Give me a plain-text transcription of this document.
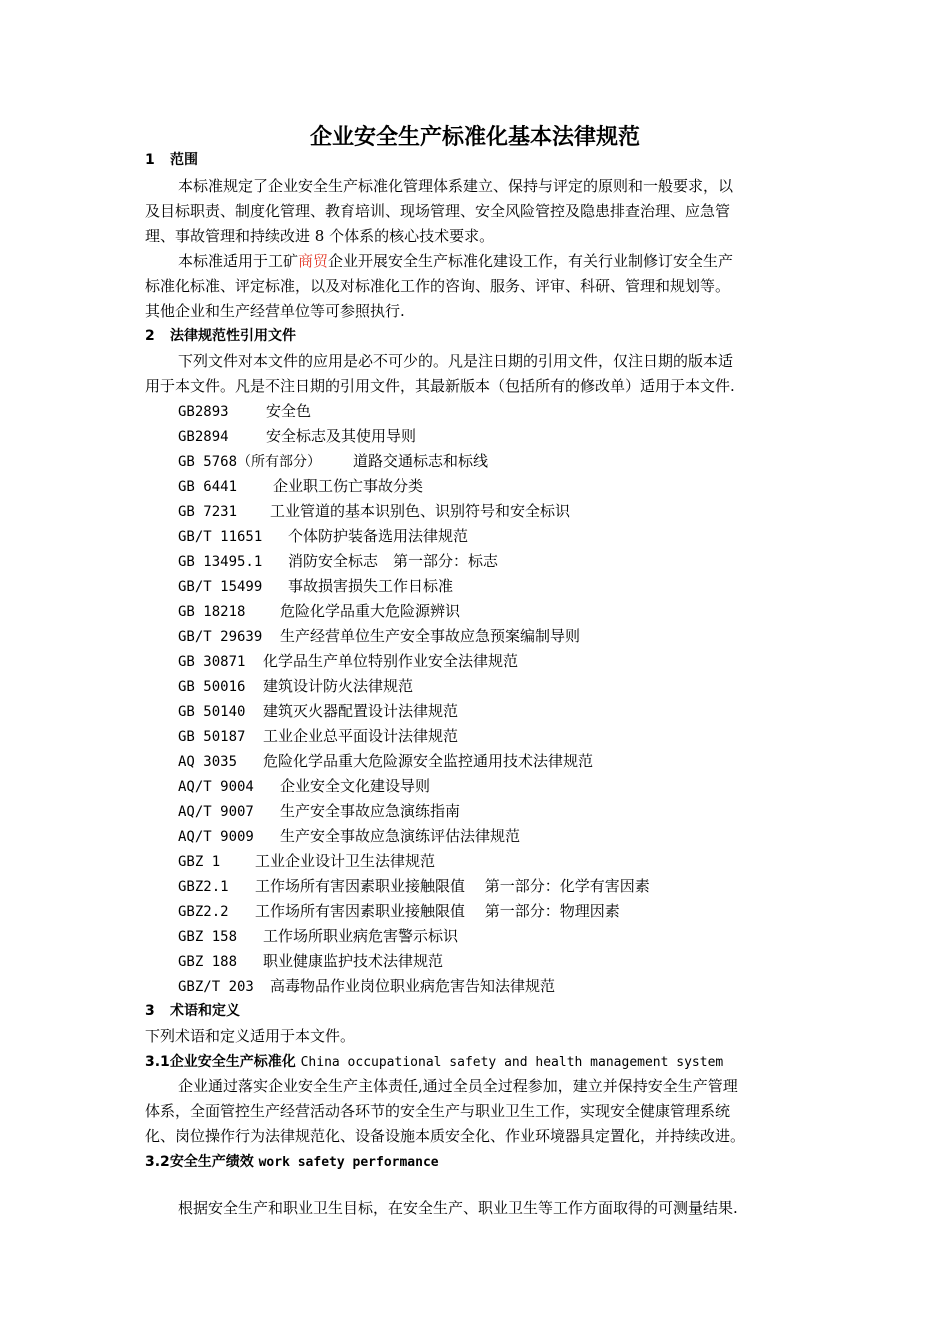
企业安全生产标准化基本法律规范
1 范围
本标准规定了企业安全生产标准化管理体系建立、保持与评定的原则和一般要求，以
及目标职责、制度化管理、教育培训、现场管理、安全风险管控及隐患排查治理、应急管
理、事故管理和持续改进 8 个体系的核心技术要求。
本标准适用于工矿商贸企业开展安全生产标准化建设工作，有关行业制修订安全生产
标准化标准、评定标准，以及对标准化工作的咨询、服务、评审、科研、管理和规划等。
其他企业和生产经营单位等可参照执行.
2 法律规范性引用文件
下列文件对本文件的应用是必不可少的。凡是注日期的引用文件，仅注日期的版本适
用于本文件。凡是不注日期的引用文件，其最新版本（包括所有的修改单）适用于本文件.
GB2893 安全色
GB2894 安全标志及其使用导则
GB 5768（所有部分） 道路交通标志和标线
GB 6441 企业职工伤亡事故分类
GB 7231 工业管道的基本识别色、识别符号和安全标识
GB/T 11651 个体防护装备选用法律规范
GB 13495.1 消防安全标志　第一部分：标志
GB/T 15499 事故损害损失工作日标准
GB 18218 危险化学品重大危险源辨识
GB/T 29639 生产经营单位生产安全事故应急预案编制导则
GB 30871 化学品生产单位特别作业安全法律规范
GB 50016 建筑设计防火法律规范
GB 50140 建筑灭火器配置设计法律规范
GB 50187 工业企业总平面设计法律规范
AQ 3035 危险化学品重大危险源安全监控通用技术法律规范
AQ/T 9004 企业安全文化建设导则
AQ/T 9007 生产安全事故应急演练指南
AQ/T 9009 生产安全事故应急演练评估法律规范
GBZ 1 工业企业设计卫生法律规范
GBZ2.1 工作场所有害因素职业接触限值　 第一部分：化学有害因素
GBZ2.2 工作场所有害因素职业接触限值　 第一部分：物理因素
GBZ 158 工作场所职业病危害警示标识
GBZ 188 职业健康监护技术法律规范
GBZ/T 203 高毒物品作业岗位职业病危害告知法律规范
3 术语和定义
下列术语和定义适用于本文件。
3.1企业安全生产标准化 China occupational safety and health management system
企业通过落实企业安全生产主体责任,通过全员全过程参加，建立并保持安全生产管理
体系，全面管控生产经营活动各环节的安全生产与职业卫生工作，实现安全健康管理系统
化、岗位操作行为法律规范化、设备设施本质安全化、作业环境器具定置化，并持续改进。
3.2安全生产绩效 work safety performance
根据安全生产和职业卫生目标，在安全生产、职业卫生等工作方面取得的可测量结果.
